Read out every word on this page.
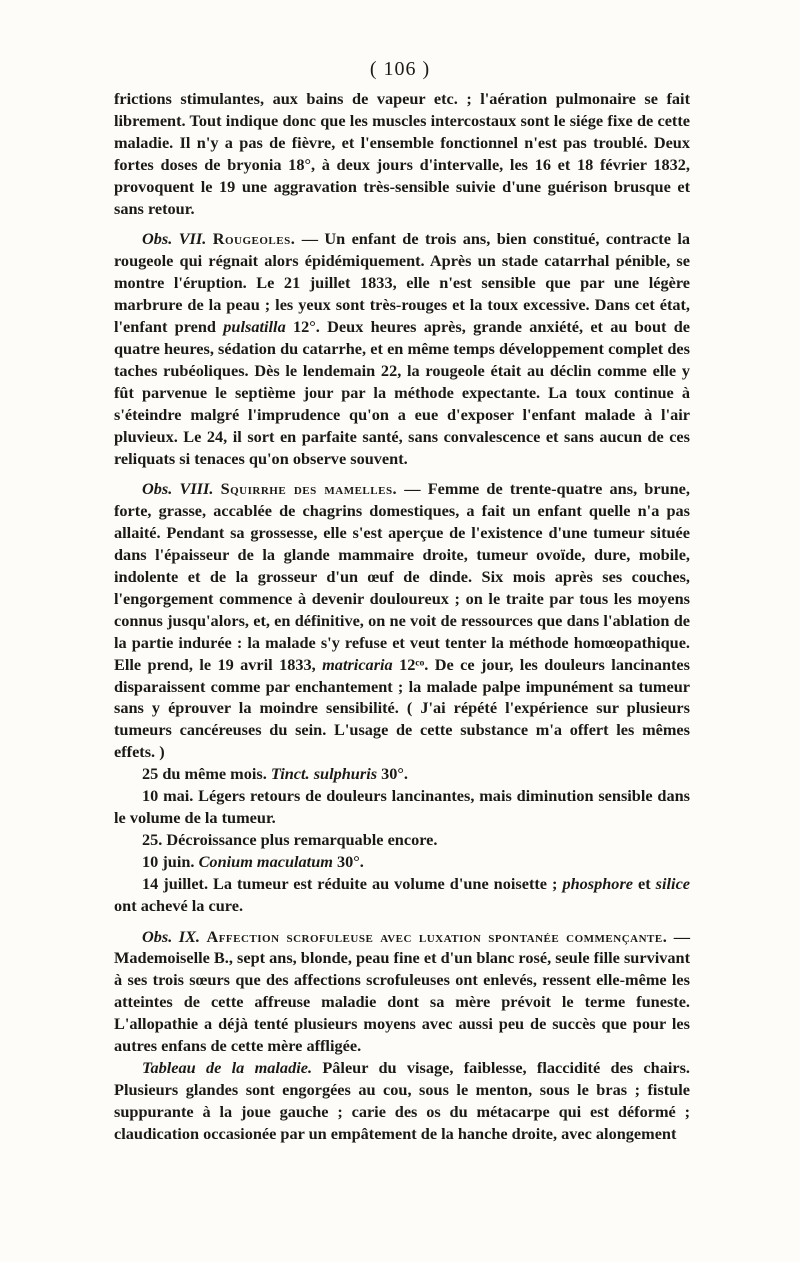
( 106 )

frictions stimulantes, aux bains de vapeur etc. ; l'aération pulmonaire se fait librement. Tout indique donc que les muscles intercostaux sont le siége fixe de cette maladie. Il n'y a pas de fièvre, et l'ensemble fonctionnel n'est pas troublé. Deux fortes doses de bryonia 18°, à deux jours d'intervalle, les 16 et 18 février 1832, provoquent le 19 une aggravation très-sensible suivie d'une guérison brusque et sans retour.

Obs. VII. Rougeoles. — Un enfant de trois ans, bien constitué, contracte la rougeole qui régnait alors épidémiquement. Après un stade catarrhal pénible, se montre l'éruption. Le 21 juillet 1833, elle n'est sensible que par une légère marbrure de la peau ; les yeux sont très-rouges et la toux excessive. Dans cet état, l'enfant prend pulsatilla 12°. Deux heures après, grande anxiété, et au bout de quatre heures, sédation du catarrhe, et en même temps développement complet des taches rubéoliques. Dès le lendemain 22, la rougeole était au déclin comme elle y fût parvenue le septième jour par la méthode expectante. La toux continue à s'éteindre malgré l'imprudence qu'on a eue d'exposer l'enfant malade à l'air pluvieux. Le 24, il sort en parfaite santé, sans convalescence et sans aucun de ces reliquats si tenaces qu'on observe souvent.

Obs. VIII. Squirrhe des mamelles. — Femme de trente-quatre ans, brune, forte, grasse, accablée de chagrins domestiques, a fait un enfant quelle n'a pas allaité. Pendant sa grossesse, elle s'est aperçue de l'existence d'une tumeur située dans l'épaisseur de la glande mammaire droite, tumeur ovoïde, dure, mobile, indolente et de la grosseur d'un œuf de dinde. Six mois après ses couches, l'engorgement commence à devenir douloureux ; on le traite par tous les moyens connus jusqu'alors, et, en définitive, on ne voit de ressources que dans l'ablation de la partie indurée : la malade s'y refuse et veut tenter la méthode homœopathique. Elle prend, le 19 avril 1833, matricaria 12ᶜᵒ. De ce jour, les douleurs lancinantes disparaissent comme par enchantement ; la malade palpe impunément sa tumeur sans y éprouver la moindre sensibilité. ( J'ai répété l'expérience sur plusieurs tumeurs cancéreuses du sein. L'usage de cette substance m'a offert les mêmes effets. )

25 du même mois. Tinct. sulphuris 30°.

10 mai. Légers retours de douleurs lancinantes, mais diminution sensible dans le volume de la tumeur.

25. Décroissance plus remarquable encore.

10 juin. Conium maculatum 30°.

14 juillet. La tumeur est réduite au volume d'une noisette ; phosphore et silice ont achevé la cure.

Obs. IX. Affection scrofuleuse avec luxation spontanée commençante. — Mademoiselle B., sept ans, blonde, peau fine et d'un blanc rosé, seule fille survivant à ses trois sœurs que des affections scrofuleuses ont enlevés, ressent elle-même les atteintes de cette affreuse maladie dont sa mère prévoit le terme funeste. L'allopathie a déjà tenté plusieurs moyens avec aussi peu de succès que pour les autres enfans de cette mère affligée.

Tableau de la maladie. Pâleur du visage, faiblesse, flaccidité des chairs. Plusieurs glandes sont engorgées au cou, sous le menton, sous le bras ; fistule suppurante à la joue gauche ; carie des os du métacarpe qui est déformé ; claudication occasionée par un empâtement de la hanche droite, avec alongement
